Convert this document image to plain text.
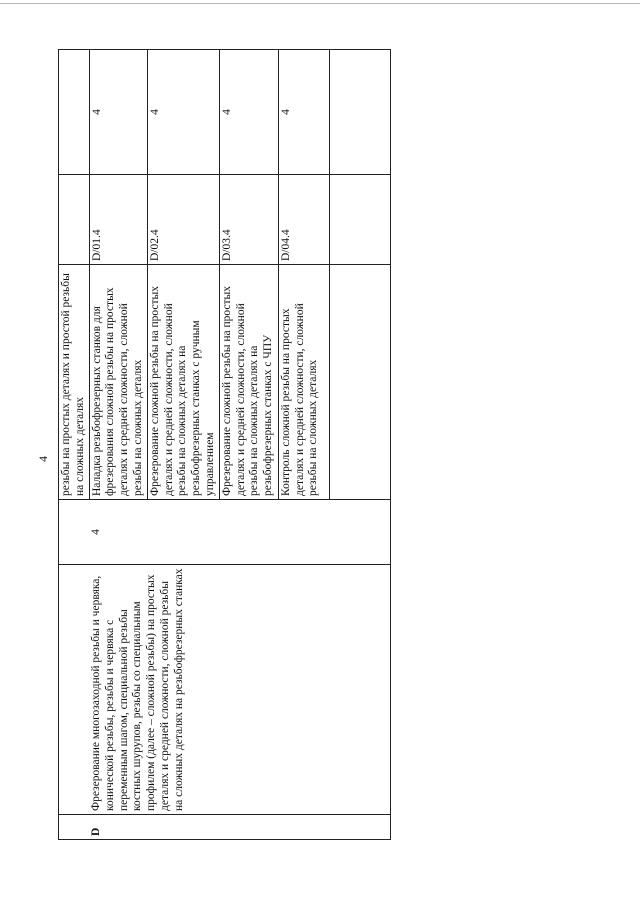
4
			резьбы на простых деталях и простой резьбы на сложных деталях		
D	Фрезерование многозаходной резьбы и червяка, конической резьбы, резьбы и червяка с переменным шагом, специальной резьбы костных шурупов, резьбы со специальным профилем (далее – сложной резьбы) на простых деталях и средней сложности, сложной резьбы на сложных деталях на резьбофрезерных станках	4	Наладка резьбофрезерных станков для фрезерования сложной резьбы на простых деталях и средней сложности, сложной резьбы на сложных деталях	D/01.4	4
			Фрезерование сложной резьбы на простых деталях и средней сложности, сложной резьбы на сложных деталях на резьбофрезерных станках с ручным управлением	D/02.4	4
			Фрезерование сложной резьбы на простых деталях и средней сложности, сложной резьбы на сложных деталях на резьбофрезерных станках с ЧПУ	D/03.4	4
			Контроль сложной резьбы на простых деталях и средней сложности, сложной резьбы на сложных деталях	D/04.4	4
